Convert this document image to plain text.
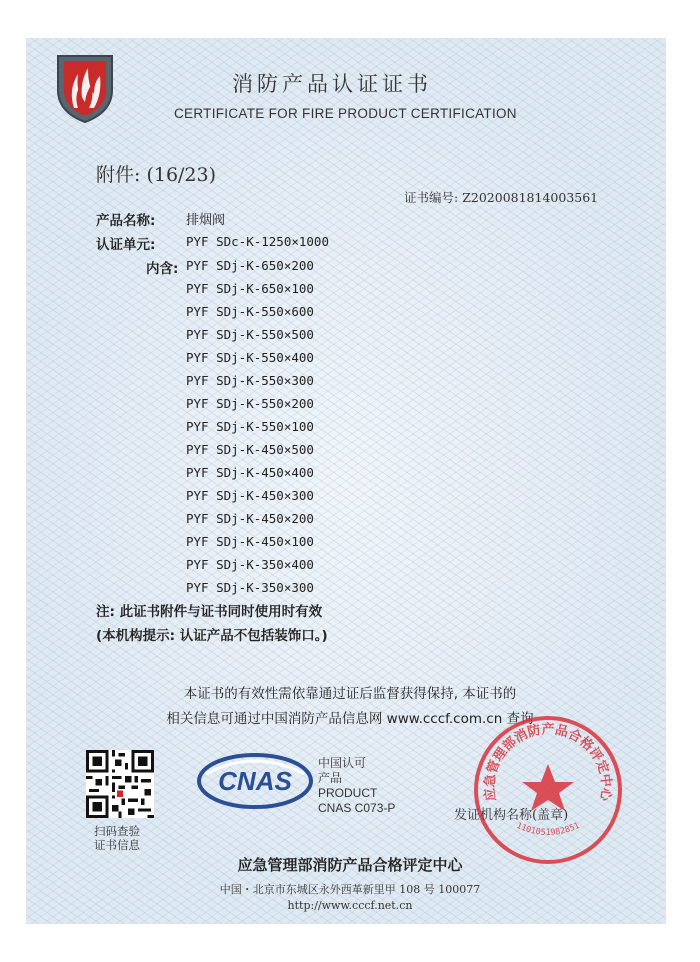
消防产品认证证书
CERTIFICATE FOR FIRE PRODUCT CERTIFICATION
附件: (16/23)
证书编号: Z2020081814003561
产品名称: 排烟阀
认证单元: PYF SDc-K-1250×1000
内含: PYF SDj-K-650×200
PYF SDj-K-650×100
PYF SDj-K-550×600
PYF SDj-K-550×500
PYF SDj-K-550×400
PYF SDj-K-550×300
PYF SDj-K-550×200
PYF SDj-K-550×100
PYF SDj-K-450×500
PYF SDj-K-450×400
PYF SDj-K-450×300
PYF SDj-K-450×200
PYF SDj-K-450×100
PYF SDj-K-350×400
PYF SDj-K-350×300
注: 此证书附件与证书同时使用时有效
(本机构提示: 认证产品不包括装饰口。)
本证书的有效性需依靠通过证后监督获得保持, 本证书的
相关信息可通过中国消防产品信息网 www.cccf.com.cn 查询
扫码查验
证书信息
CNAS
中国认可
产品
PRODUCT
CNAS C073-P
应急管理部消防产品合格评定中心
1101051982851
发证机构名称(盖章)
应急管理部消防产品合格评定中心
中国・北京市东城区永外西革新里甲 108 号 100077
http://www.cccf.net.cn
